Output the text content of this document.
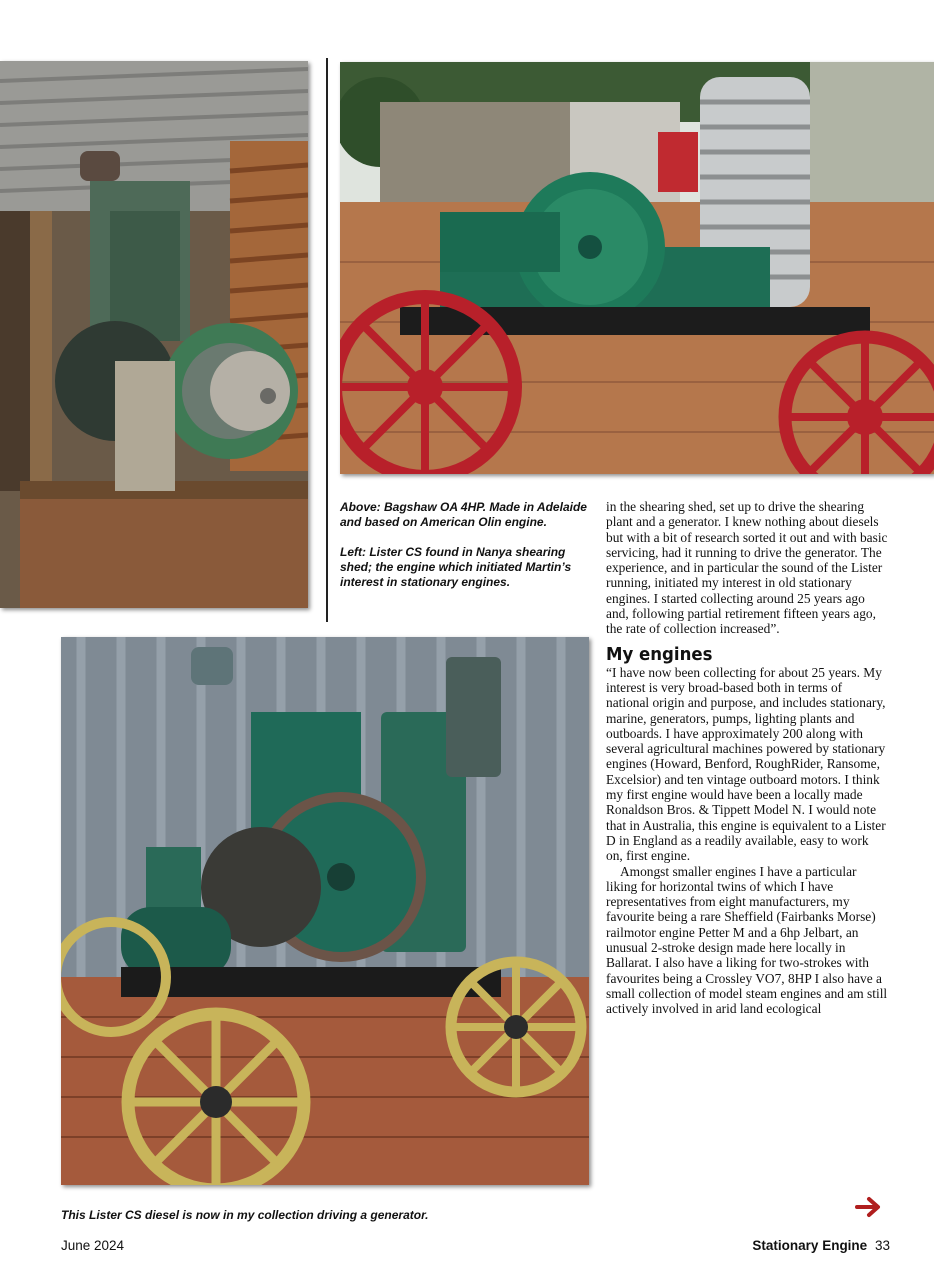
Above: Bagshaw OA 4HP. Made in Adelaide and based on American Olin engine.

Left: Lister CS found in Nanya shearing shed; the engine which initiated Martin’s interest in stationary engines.

This Lister CS diesel is now in my collection driving a generator.

in the shearing shed, set up to drive the shearing plant and a generator. I knew nothing about diesels but with a bit of research sorted it out and with basic servicing, had it running to drive the generator. The experience, and in particular the sound of the Lister running, initiated my interest in old stationary engines. I started collecting around 25 years ago and, following partial retirement fifteen years ago, the rate of collection increased”.

My engines

“I have now been collecting for about 25 years. My interest is very broad-based both in terms of national origin and purpose, and includes stationary, marine, generators, pumps, lighting plants and outboards. I have approximately 200 along with several agricultural machines powered by stationary engines (Howard, Benford, RoughRider, Ransome, Excelsior) and ten vintage outboard motors. I think my first engine would have been a locally made Ronaldson Bros. & Tippett Model N. I would note that in Australia, this engine is equivalent to a Lister D in England as a readily available, easy to work on, first engine.

Amongst smaller engines I have a particular liking for horizontal twins of which I have representatives from eight manufacturers, my favourite being a rare Sheffield (Fairbanks Morse) railmotor engine Petter M and a 6hp Jelbart, an unusual 2-stroke design made here locally in Ballarat. I also have a liking for two-strokes with favourites being a Crossley VO7, 8HP I also have a small collection of model steam engines and am still actively involved in arid land ecological

June 2024	Stationary Engine 33
